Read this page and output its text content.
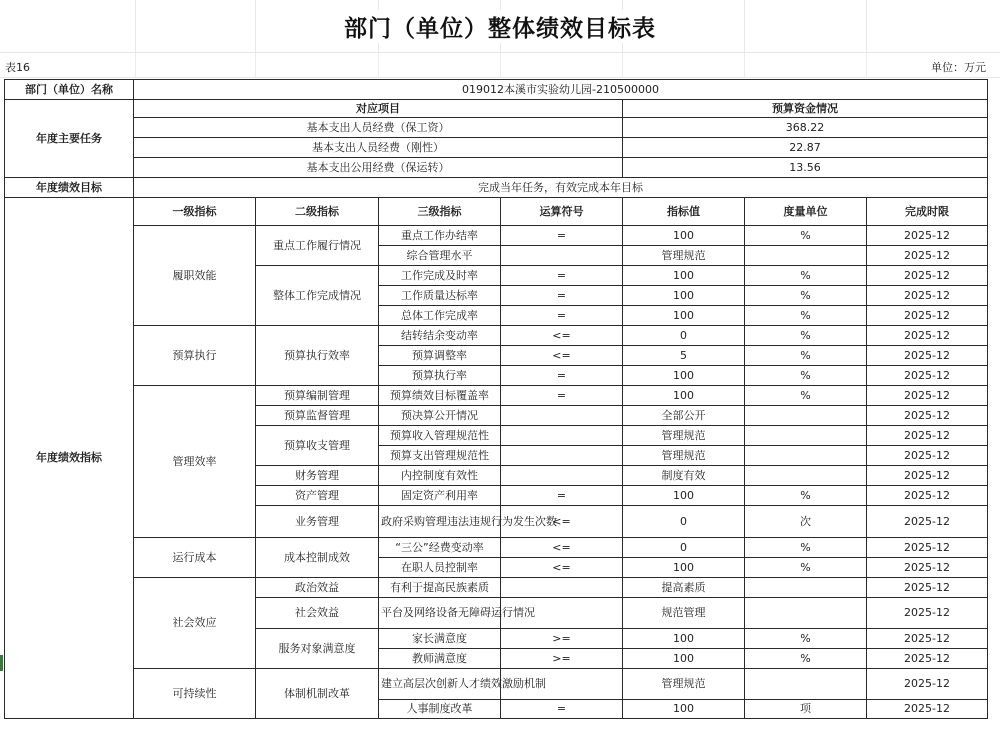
部门（单位）整体绩效目标表
表16	单位：万元
部门（单位）名称	019012本溪市实验幼儿园-210500000						
年度主要任务	对应项目				预算资金情况		
	基本支出人员经费（保工资）				368.22		
	基本支出人员经费（刚性）				22.87		
	基本支出公用经费（保运转）				13.56		
年度绩效目标	完成当年任务，有效完成本年目标						
年度绩效指标	一级指标	二级指标	三级指标	运算符号	指标值	度量单位	完成时限
	履职效能	重点工作履行情况	重点工作办结率	=	100	%	2025-12
			综合管理水平		管理规范		2025-12
		整体工作完成情况	工作完成及时率	=	100	%	2025-12
			工作质量达标率	=	100	%	2025-12
			总体工作完成率	=	100	%	2025-12
	预算执行	预算执行效率	结转结余变动率	<=	0	%	2025-12
			预算调整率	<=	5	%	2025-12
			预算执行率	=	100	%	2025-12
	管理效率	预算编制管理	预算绩效目标覆盖率	=	100	%	2025-12
		预算监督管理	预决算公开情况		全部公开		2025-12
		预算收支管理	预算收入管理规范性		管理规范		2025-12
			预算支出管理规范性		管理规范		2025-12
		财务管理	内控制度有效性		制度有效		2025-12
		资产管理	固定资产利用率	=	100	%	2025-12
		业务管理	政府采购管理违法违规行为发生次数	<=	0	次	2025-12
	运行成本	成本控制成效	“三公”经费变动率	<=	0	%	2025-12
			在职人员控制率	<=	100	%	2025-12
	社会效应	政治效益	有利于提高民族素质		提高素质		2025-12
		社会效益	平台及网络设备无障碍运行情况		规范管理		2025-12
		服务对象满意度	家长满意度	>=	100	%	2025-12
			教师满意度	>=	100	%	2025-12
	可持续性	体制机制改革	建立高层次创新人才绩效激励机制		管理规范		2025-12
			人事制度改革	=	100	项	2025-12
